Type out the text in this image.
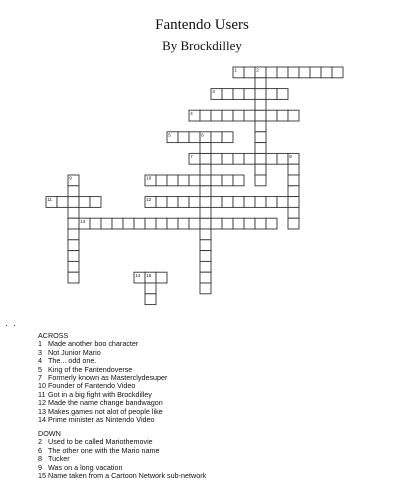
Fantendo Users
By Brockdilley
1	2
3
4
5	6
7	8
9	10
11	12
13
14 15
ACROSS
1 Made another boo character
3 Not Junior Mario
4 The... odd one.
5 King of the Fantendoverse
7 Formerly known as Masterclydesuper
10 Founder of Fantendo Video
11 Got in a big fight with Brockdilley
12 Made the name change bandwagon
13 Makes games not alot of people like
14 Prime minister as Nintendo Video
DOWN
2 Used to be called Mariothemovie
6 The other one with the Mario name
8 Tucker
9 Was on a long vacation
15 Name taken from a Cartoon Network sub-network
